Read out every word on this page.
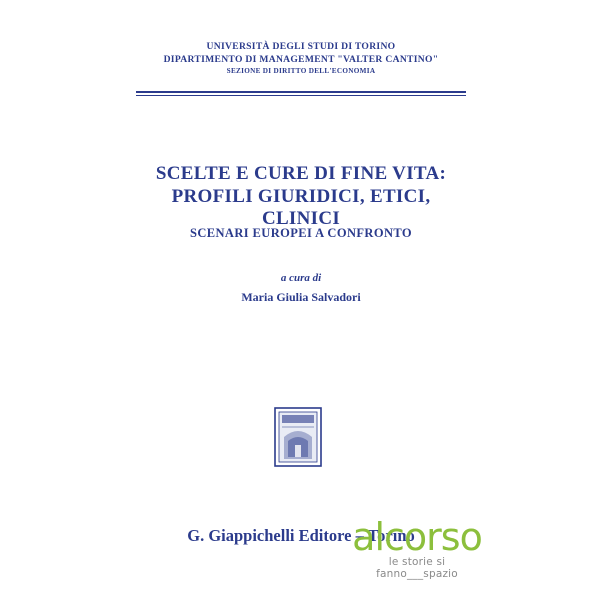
UNIVERSITÀ DEGLI STUDI DI TORINO
DIPARTIMENTO DI MANAGEMENT "VALTER CANTINO"
SEZIONE DI DIRITTO DELL'ECONOMIA
SCELTE E CURE DI FINE VITA:
PROFILI GIURIDICI, ETICI, CLINICI
SCENARI EUROPEI A CONFRONTO
a cura di
Maria Giulia Salvadori
G. Giappichelli Editore – Torino
alcorso
le storie si fanno___spazio
